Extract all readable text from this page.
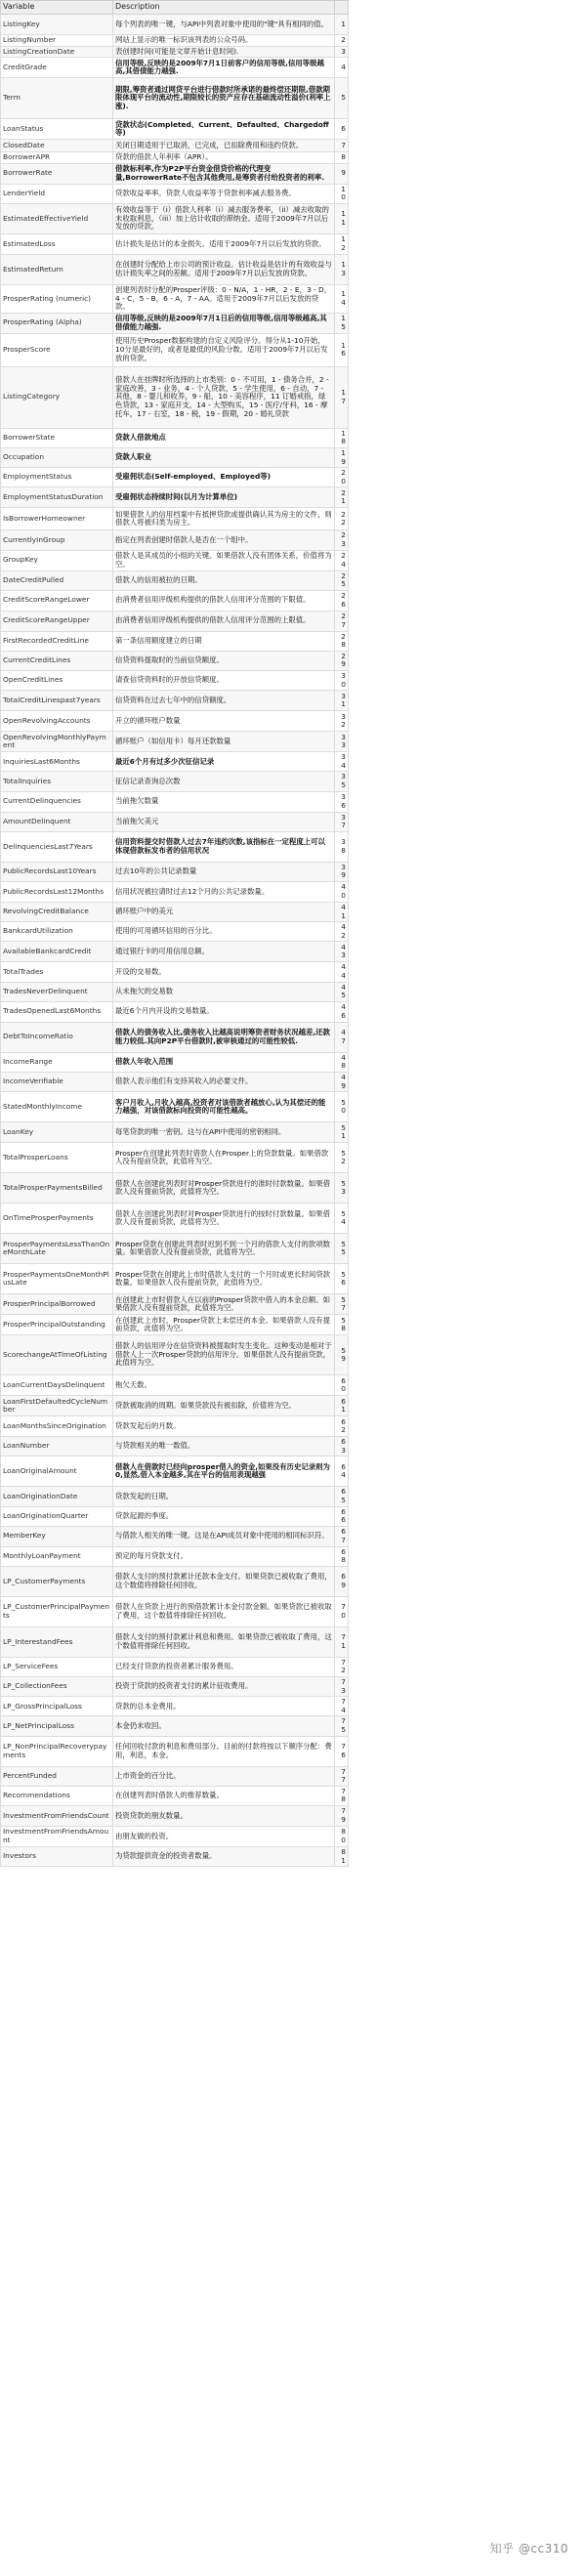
Variable	Description	
ListingKey	每个列表的唯一键，与API中列表对象中使用的"键"具有相同的值。	1
ListingNumber	网站上显示的唯一标识该列表的公众号码。	2
ListingCreationDate	表创建时间(可能是文章开始计息时间).	3
CreditGrade	信用等级,反映的是2009年7月1日前客户的信用等级,信用等级越高,其借债能力越强.	4
Term	期限,筹资者通过网贷平台进行借款时所承诺的最终偿还期限,借款期限体现平台的流动性,期限较长的资产应存在基础流动性溢价(利率上涨).	5
LoanStatus	贷款状态(Completed、Current、Defaulted、Chargedoff等)	6
ClosedDate	关闭日期适用于已取消，已完成，已扣除费用和违约贷款。	7
BorrowerAPR	贷款的借款人年利率（APR）。	8
BorrowerRate	借款标利率,作为P2P平台资金借贷价格的代理变量,BorrowerRate不包含其他费用,是筹资者付给投资者的利率.	9
LenderYield	贷款收益率率。贷款人收益率等于贷款利率减去服务费。	10
EstimatedEffectiveYield	有效收益等于（i）借款人利率（i）减去服务费率，（ii）减去收取的未收取利息，（iii）加上估计收取的滞纳金。适用于2009年7月以后发放的贷款。	11
EstimatedLoss	估计损失是估计的本金损失。适用于2009年7月以后发放的贷款。	12
EstimatedReturn	在创建时分配给上市公司的预计收益。估计收益是估计的有效收益与估计损失率之间的差额。适用于2009年7月以后发放的贷款。	13
ProsperRating (numeric)	创建列表时分配的Prosper评级：0 - N/A，1 - HR，2 - E，3 - D，4 - C，5 - B，6 - A，7 - AA。适用于2009年7月以后发放的贷款。	14
ProsperRating (Alpha)	信用等级,反映的是2009年7月1日后的信用等级,信用等级越高,其借债能力越强.	15
ProsperScore	使用历史Prosper数据构建的自定义风险评分。得分从1-10开始，10分是最好的，或者是最低的风险分数。适用于2009年7月以后发放的贷款。	16
ListingCategory	借款人在挂牌时所选择的上市类别：0 - 不可用，1 - 债务合并，2 - 家庭改善，3 - 业务，4 - 个人贷款，5 - 学生使用，6 - 自动，7 - 其他，8 - 婴儿和收养，9 - 船，10 - 美容程序，11 订婚戒指，绿色贷款，13 - 家庭开支，14 - 大型购买，15 - 医疗/牙科，16 - 摩托车，17 - 右室，18 - 税，19 - 假期，20 - 婚礼贷款	17
BorrowerState	贷款人借款地点	18
Occupation	贷款人职业	19
EmploymentStatus	受雇佣状态(Self-employed、Employed等)	20
EmploymentStatusDuration	受雇佣状态持续时间(以月为计算单位)	21
IsBorrowerHomeowner	如果借款人的信用档案中有抵押贷款或提供确认其为房主的文件，则借款人将被归类为房主。	22
CurrentlyInGroup	指定在列表创建时借款人是否在一个组中。	23
GroupKey	借款人是其成员的小组的关键。如果借款人没有团体关系，价值将为空。	24
DateCreditPulled	借款人的信用被拉的日期。	25
CreditScoreRangeLower	由消费者信用评级机构提供的借款人信用评分范围的下限值。	26
CreditScoreRangeUpper	由消费者信用评级机构提供的借款人信用评分范围的上限值。	27
FirstRecordedCreditLine	第一条信用额度建立的日期	28
CurrentCreditLines	信贷资料提取时的当前信贷额度。	29
OpenCreditLines	请查信贷资料时的开放信贷额度。	30
TotalCreditLinespast7years	信贷资料在过去七年中的信贷额度。	31
OpenRevolvingAccounts	开立的循环账户数量	32
OpenRevolvingMonthlyPayment	循环账户（如信用卡）每月还款数量	33
InquiriesLast6Months	最近6个月有过多少次征信记录	34
TotalInquiries	征信记录查询总次数	35
CurrentDelinquencies	当前拖欠数量	36
AmountDelinquent	当前拖欠美元	37
DelinquenciesLast7Years	信用资料提交时借款人过去7年违约次数,该指标在一定程度上可以体现借款标发布者的信用状况	38
PublicRecordsLast10Years	过去10年的公共记录数量	39
PublicRecordsLast12Months	信用状况被拉请时过去12个月的公共记录数量。	40
RevolvingCreditBalance	循环账户中的美元	41
BankcardUtilization	使用的可用循环信用的百分比。	42
AvailableBankcardCredit	通过银行卡的可用信用总额。	43
TotalTrades	开设的交易数。	44
TradesNeverDelinquent	从未拖欠的交易数	45
TradesOpenedLast6Months	最近6个月内开设的交易数量。	46
DebtToIncomeRatio	借款人的债务收入比,债务收入比越高说明筹资者财务状况越差,还款能力较低.其向P2P平台借款时,被审核通过的可能性较低.	47
IncomeRange	借款人年收入范围	48
IncomeVerifiable	借款人表示他们有支持其收入的必要文件。	49
StatedMonthlyIncome	客户月收入,月收入越高,投资者对该借款者越放心,认为其偿还的能力越强，对该借款标向投资的可能性越高。	50
LoanKey	每笔贷款的唯一密钥。这与在API中使用的密钥相同。	51
TotalProsperLoans	Prosper在创建此列表时借款人在Prosper上的贷款数量。如果借款人没有提前贷款，此值将为空。	52
TotalProsperPaymentsBilled	借款人在创建此列表时对Prosper贷款进行的准时付款数量。如果借款人没有提前贷款，此值将为空。	53
OnTimeProsperPayments	借款人在创建此列表时对Prosper贷款进行的按时付款数量。如果借款人没有提前贷款，此值将为空。	54
ProsperPaymentsLessThanOneMonthLate	Prosper贷款在创建此列表时迟到不到一个月的借款人支付的款项数量。如果借款人没有提前贷款，此值将为空。	55
ProsperPaymentsOneMonthPlusLate	Prosper贷款在创建此上市时借款人支付的一个月时或更长时间贷款数量。如果借款人没有提前贷款，此值将为空。	56
ProsperPrincipalBorrowed	在创建此上市时借款人在以前的Prosper贷款中借入的本金总额。如果借款人没有提前贷款，此值将为空。	57
ProsperPrincipalOutstanding	在创建此上市时，Prosper贷款上未偿还的本金。如果借款人没有提前贷款，此值将为空。	58
ScorechangeAtTimeOfListing	借款人的信用评分在信贷资料被提取时发生变化。这种变动是相对于借款人上一次Prosper贷款的信用评分。如果借款人没有提前贷款，此值将为空。	59
LoanCurrentDaysDelinquent	拖欠天数。	60
LoanFirstDefaultedCycleNumber	贷款被取消的周期。如果贷款没有被扣除，价值将为空。	61
LoanMonthsSinceOrigination	贷款发起后的月数。	62
LoanNumber	与贷款相关的唯一数值。	63
LoanOriginalAmount	借款人在借款时已经向prosper借入的资金,如果没有历史记录则为0,显然,借入本金越多,其在平台的信用表现越强	64
LoanOriginationDate	贷款发起的日期。	65
LoanOriginationQuarter	贷款起源的季度。	66
MemberKey	与借款人相关的唯一键。这是在API成员对象中使用的相同标识符。	67
MonthlyLoanPayment	预定的每月贷款支付。	68
LP_CustomerPayments	借款人支付的预付款累计还款本金支付。如果贷款已被收取了费用，这个数值将排除任何回收。	69
LP_CustomerPrincipalPayments	借款人在贷款上进行的预借款累计本金付款金额。如果贷款已被收取了费用，这个数值将排除任何回收。	70
LP_InterestandFees	借款人支付的预付款累计利息和费用。如果贷款已被收取了费用，这个数值将排除任何回收。	71
LP_ServiceFees	已经支付贷款的投资者累计服务费用。	72
LP_CollectionFees	投资于贷款的投资者支付的累计征收费用。	73
LP_GrossPrincipalLoss	贷款的总本金费用。	74
LP_NetPrincipalLoss	本金仍未收回。	75
LP_NonPrincipalRecoverypayments	任何回收付款的利息和费用部分。目前的付款将按以下顺序分配：费用，利息，本金。	76
PercentFunded	上市资金的百分比。	77
Recommendations	在创建列表时借款人的推荐数量。	78
InvestmentFromFriendsCount	投资贷款的朋友数量。	79
InvestmentFromFriendsAmount	由朋友做的投资。	80
Investors	为贷款提供资金的投资者数量。	81
知乎 @cc310
